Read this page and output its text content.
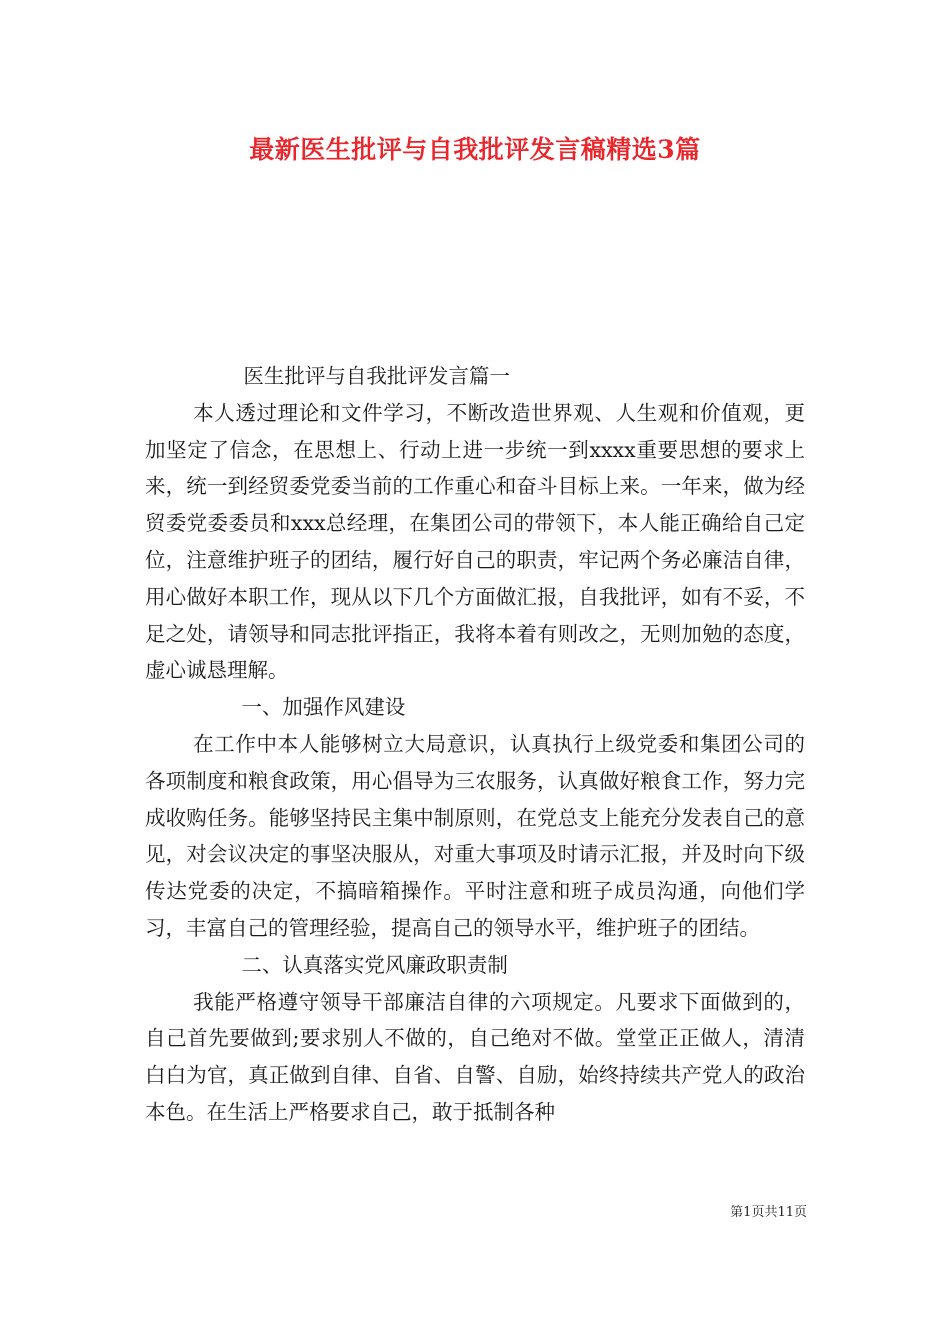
最新医生批评与自我批评发言稿精选3篇

医生批评与自我批评发言篇一

本人透过理论和文件学习，不断改造世界观、人生观和价值观，更加坚定了信念，在思想上、行动上进一步统一到xxxx重要思想的要求上来，统一到经贸委党委当前的工作重心和奋斗目标上来。一年来，做为经贸委党委委员和xxx总经理，在集团公司的带领下，本人能正确给自己定位，注意维护班子的团结，履行好自己的职责，牢记两个务必廉洁自律，用心做好本职工作，现从以下几个方面做汇报，自我批评，如有不妥，不足之处，请领导和同志批评指正，我将本着有则改之，无则加勉的态度，虚心诚恳理解。

一、加强作风建设

在工作中本人能够树立大局意识，认真执行上级党委和集团公司的各项制度和粮食政策，用心倡导为三农服务，认真做好粮食工作，努力完成收购任务。能够坚持民主集中制原则，在党总支上能充分发表自己的意见，对会议决定的事坚决服从，对重大事项及时请示汇报，并及时向下级传达党委的决定，不搞暗箱操作。平时注意和班子成员沟通，向他们学习，丰富自己的管理经验，提高自己的领导水平，维护班子的团结。

二、认真落实党风廉政职责制

我能严格遵守领导干部廉洁自律的六项规定。凡要求下面做到的，自己首先要做到;要求别人不做的，自己绝对不做。堂堂正正做人，清清白白为官，真正做到自律、自省、自警、自励，始终持续共产党人的政治本色。在生活上严格要求自己，敢于抵制各种

第1页共11页
